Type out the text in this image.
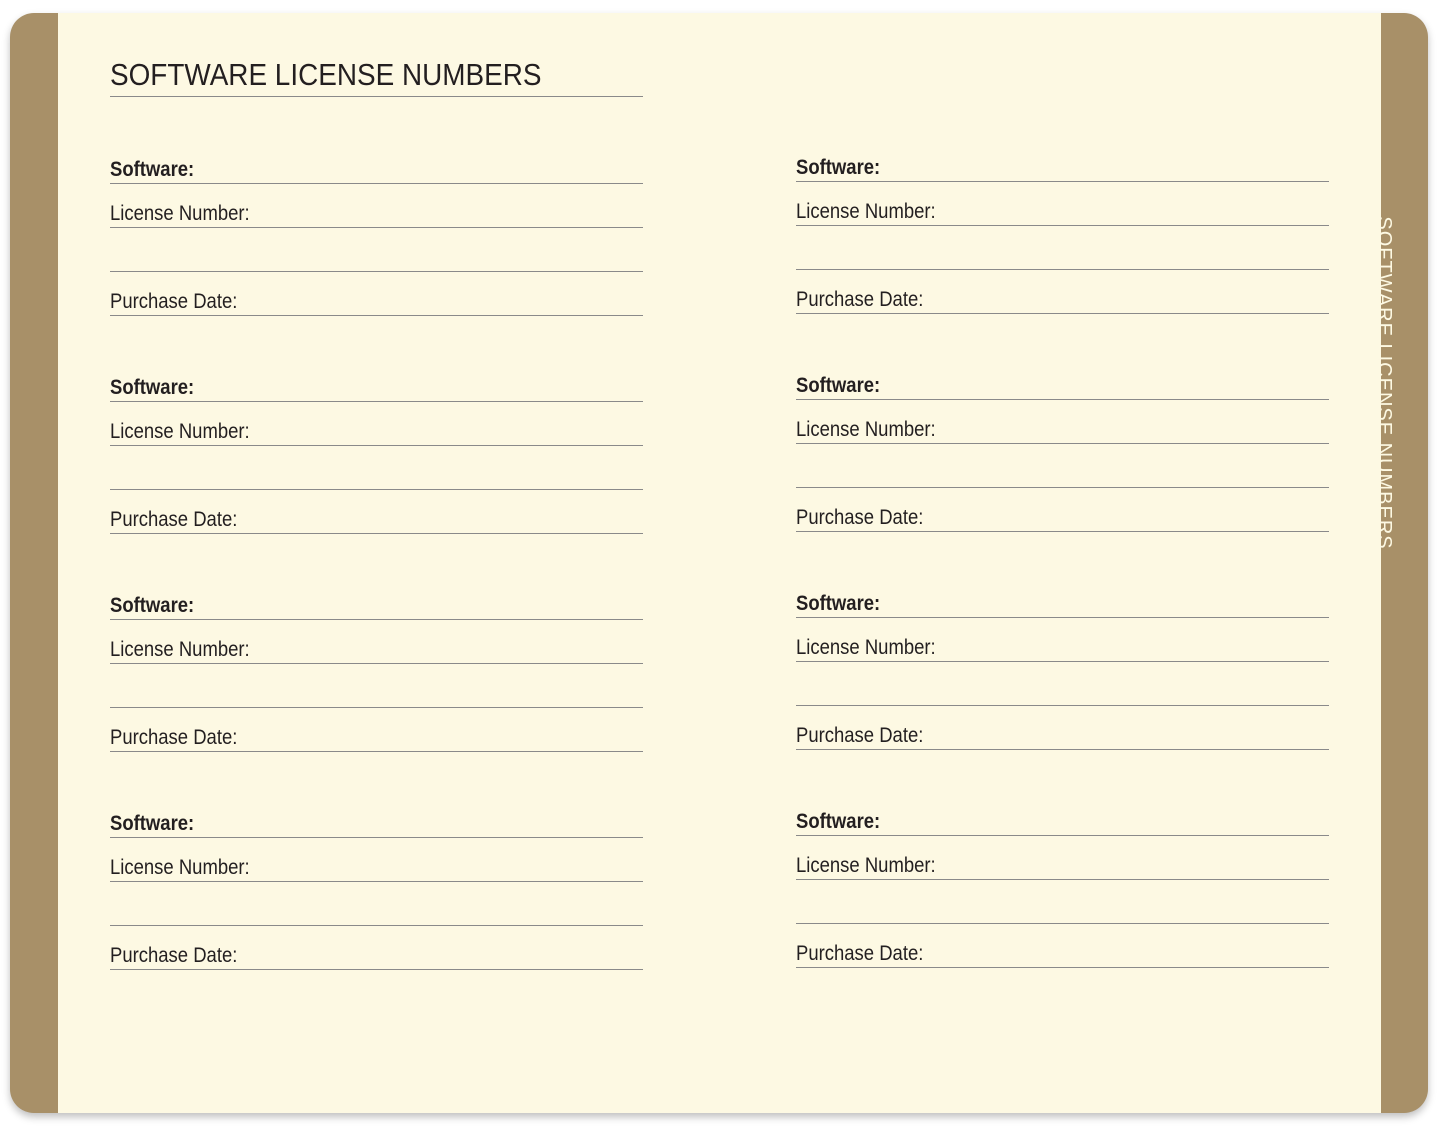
SOFTWARE LICENSE NUMBERS
Software:
License Number:
Purchase Date:
Software:
License Number:
Purchase Date:
Software:
License Number:
Purchase Date:
Software:
License Number:
Purchase Date:
Software:
License Number:
Purchase Date:
Software:
License Number:
Purchase Date:
Software:
License Number:
Purchase Date:
Software:
License Number:
Purchase Date:
SOFTWARE LICENSE NUMBERS
